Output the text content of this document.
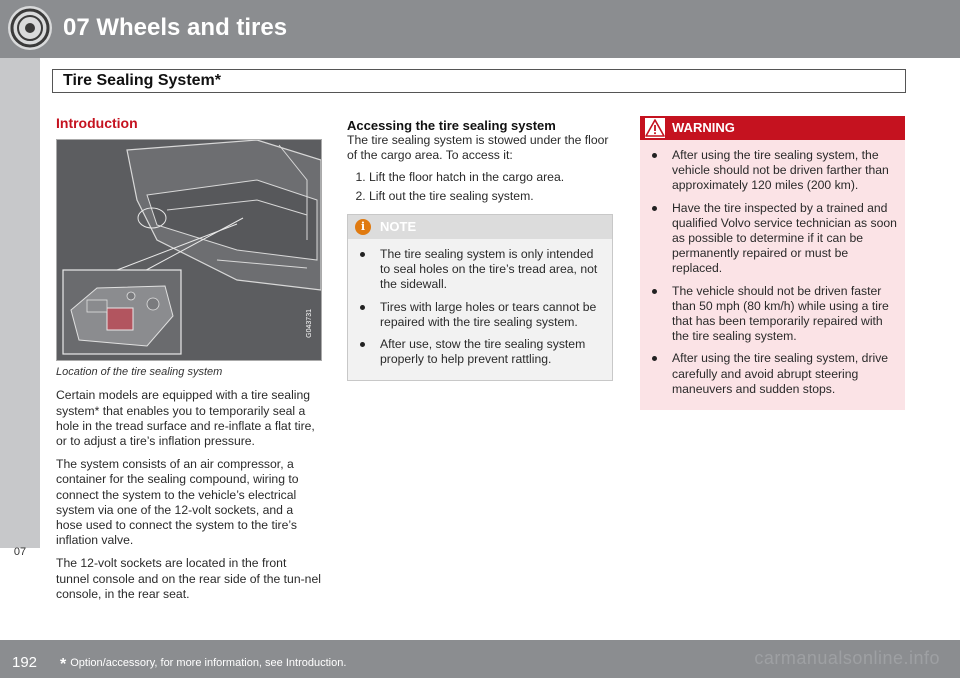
07 Wheels and tires
Tire Sealing System*
07
Introduction
G043731
Location of the tire sealing system

Certain models are equipped with a tire sealing system* that enables you to temporarily seal a hole in the tread surface and re-inflate a flat tire, or to adjust a tire’s inflation pressure.

The system consists of an air compressor, a container for the sealing compound, wiring to connect the system to the vehicle’s electrical system via one of the 12-volt sockets, and a hose used to connect the system to the tire’s inflation valve.

The 12-volt sockets are located in the front tunnel console and on the rear side of the tun-nel console, in the rear seat.

Accessing the tire sealing system
The tire sealing system is stowed under the floor of the cargo area. To access it:
1. Lift the floor hatch in the cargo area.
2. Lift out the tire sealing system.
i	NOTE
The tire sealing system is only intended to seal holes on the tire’s tread area, not the sidewall.
Tires with large holes or tears cannot be repaired with the tire sealing system.
After use, stow the tire sealing system properly to help prevent rattling.
WARNING
After using the tire sealing system, the vehicle should not be driven farther than approximately 120 miles (200 km).
Have the tire inspected by a trained and qualified Volvo service technician as soon as possible to determine if it can be permanently repaired or must be replaced.
The vehicle should not be driven faster than 50 mph (80 km/h) while using a tire that has been temporarily repaired with the tire sealing system.
After using the tire sealing system, drive carefully and avoid abrupt steering maneuvers and sudden stops.
192 * Option/accessory, for more information, see Introduction.	carmanualsonline.info
